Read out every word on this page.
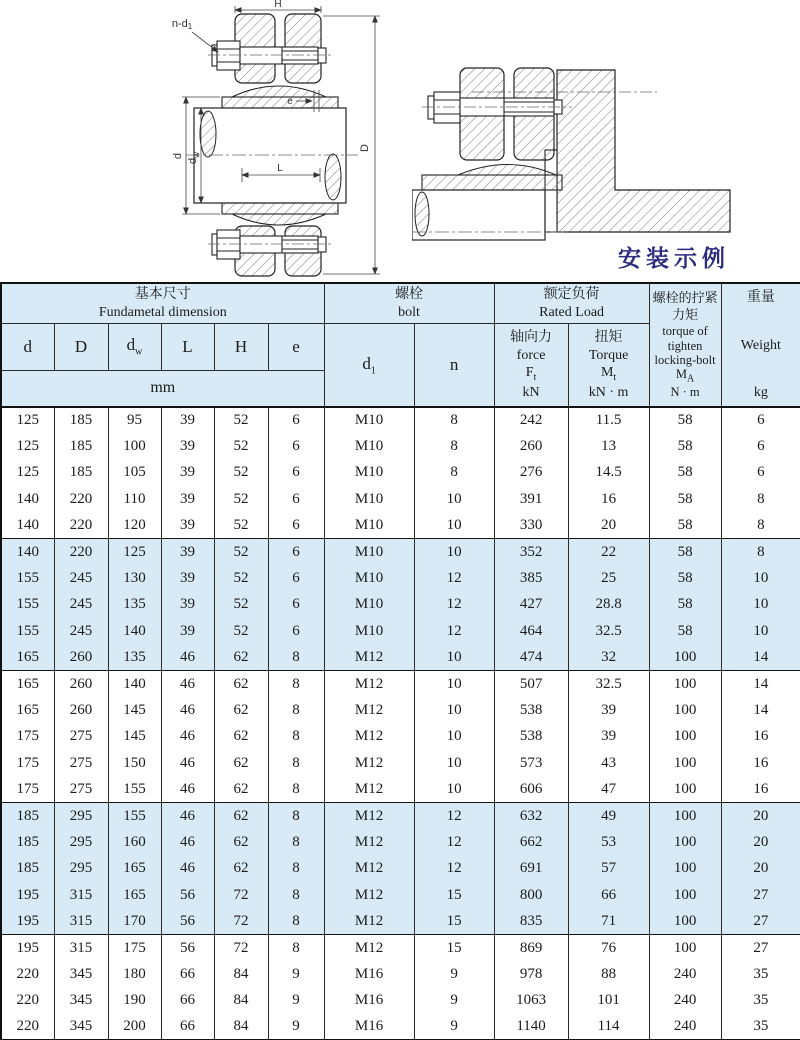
H
n-d1
D
d
$d_w$
L
e
安装示例
基本尺寸
Fundametal dimension

螺栓
bolt

额定负荷
Rated Load

螺栓的拧紧
力矩
torque of
tighten
locking-bolt
$M_A$
N · m

重量
Weight
kg

d	D	$d_w$	L	H	e	$d_1$	n	
轴向力
force
$F_t$
kN

扭矩
Torque
$M_t$
kN · m

mm											
125	185	95	39	52	6	M10	8	242	11.5	58	6
125	185	100	39	52	6	M10	8	260	13	58	6
125	185	105	39	52	6	M10	8	276	14.5	58	6
140	220	110	39	52	6	M10	10	391	16	58	8
140	220	120	39	52	6	M10	10	330	20	58	8
140	220	125	39	52	6	M10	10	352	22	58	8
155	245	130	39	52	6	M10	12	385	25	58	10
155	245	135	39	52	6	M10	12	427	28.8	58	10
155	245	140	39	52	6	M10	12	464	32.5	58	10
165	260	135	46	62	8	M12	10	474	32	100	14
165	260	140	46	62	8	M12	10	507	32.5	100	14
165	260	145	46	62	8	M12	10	538	39	100	14
175	275	145	46	62	8	M12	10	538	39	100	16
175	275	150	46	62	8	M12	10	573	43	100	16
175	275	155	46	62	8	M12	10	606	47	100	16
185	295	155	46	62	8	M12	12	632	49	100	20
185	295	160	46	62	8	M12	12	662	53	100	20
185	295	165	46	62	8	M12	12	691	57	100	20
195	315	165	56	72	8	M12	15	800	66	100	27
195	315	170	56	72	8	M12	15	835	71	100	27
195	315	175	56	72	8	M12	15	869	76	100	27
220	345	180	66	84	9	M16	9	978	88	240	35
220	345	190	66	84	9	M16	9	1063	101	240	35
220	345	200	66	84	9	M16	9	1140	114	240	35
